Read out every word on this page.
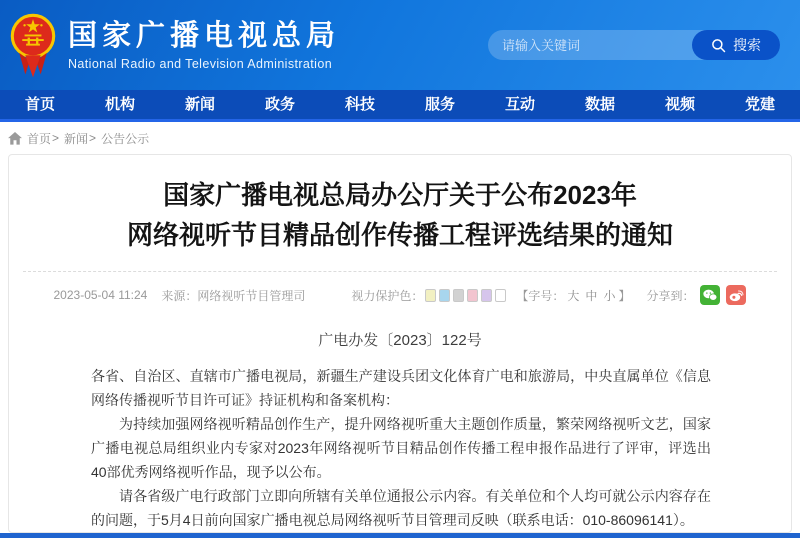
国家广播电视总局
National Radio and Television Administration
请输入关键词
搜索
首页	机构	新闻	政务	科技	服务	互动	数据	视频	党建
首页 > 新闻 > 公告公示
国家广播电视总局办公厅关于公布2023年
网络视听节目精品创作传播工程评选结果的通知
2023-05-04 11:24 来源：网络视听节目管理司	视力保护色：	【字号： 大 中 小 】 分享到：
广电办发〔2023〕122号

各省、自治区、直辖市广播电视局，新疆生产建设兵团文化体育广电和旅游局，中央直属单位《信息网络传播视听节目许可证》持证机构和备案机构：

为持续加强网络视听精品创作生产，提升网络视听重大主题创作质量，繁荣网络视听文艺，国家广播电视总局组织业内专家对2023年网络视听节目精品创作传播工程申报作品进行了评审，评选出40部优秀网络视听作品，现予以公布。

请各省级广电行政部门立即向所辖有关单位通报公示内容。有关单位和个人均可就公示内容存在的问题，于5月4日前向国家广播电视总局网络视听节目管理司反映（联系电话：010-86096141）。
